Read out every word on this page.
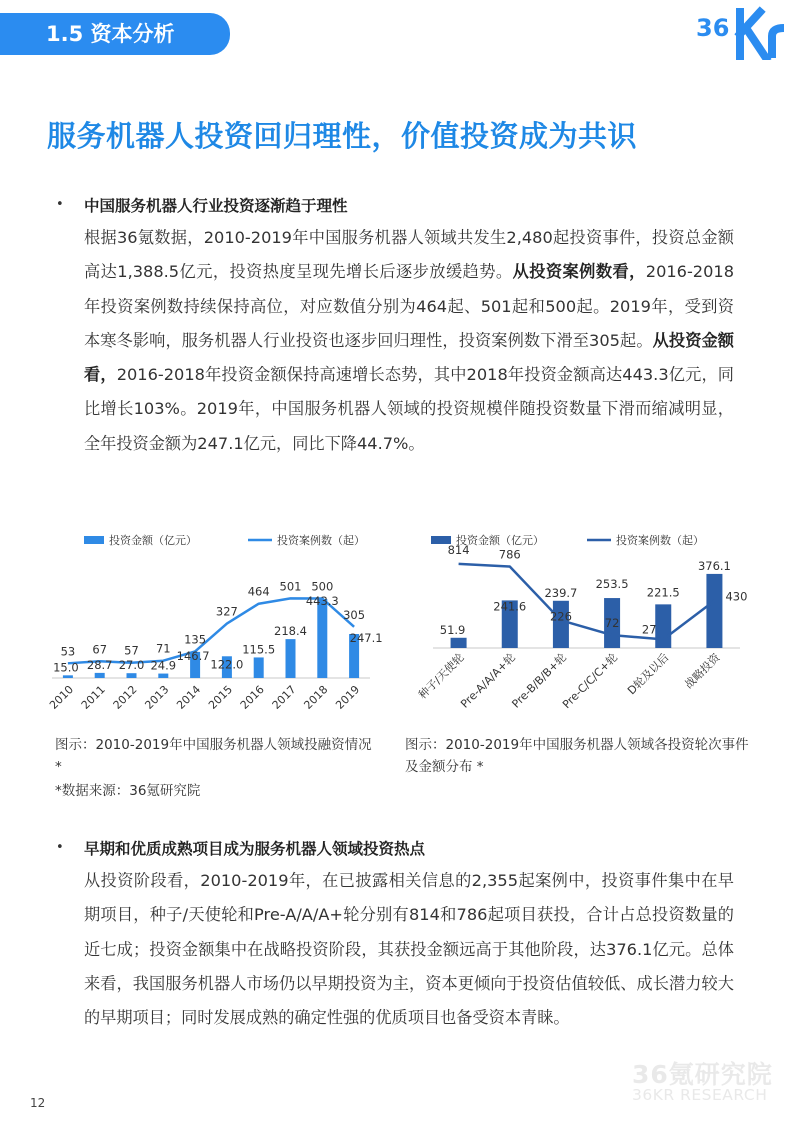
1.5 资本分析	36
服务机器人投资回归理性，价值投资成为共识
• 中国服务机器人行业投资逐渐趋于理性
根据36氪数据，2010-2019年中国服务机器人领域共发生2,480起投资事件，投资总金额高达1,388.5亿元，投资热度呈现先增长后逐步放缓趋势。从投资案例数看，2016-2018年投资案例数持续保持高位，对应数值分别为464起、501起和500起。2019年，受到资本寒冬影响，服务机器人行业投资也逐步回归理性，投资案例数下滑至305起。从投资金额看，2016-2018年投资金额保持高速增长态势，其中2018年投资金额高达443.3亿元，同比增长103%。2019年，中国服务机器人领域的投资规模伴随投资数量下滑而缩减明显，全年投资金额为247.1亿元，同比下降44.7%。
投资金额（亿元）	投资案例数（起）
15.0
53
2010
28.7
67
2011
27.0
57
2012
24.9
71
2013
146.7
135
2014
122.0
327
2015
115.5
464
2016
218.4
501
2017
443.3
500
2018
247.1
305
2019
投资金额（亿元）	投资案例数（起）
51.9
814
种子/天使轮
241.6
786
Pre-A/A/A+轮
239.7
226
Pre-B/B/B+轮
253.5
72
Pre-C/C/C+轮
221.5
27
D轮及以后
376.1
430
战略投资
图示：2010-2019年中国服务机器人领域投融资情况 *
*数据来源：36氪研究院
图示：2010-2019年中国服务机器人领域各投资轮次事件及金额分布 *
• 早期和优质成熟项目成为服务机器人领域投资热点
从投资阶段看，2010-2019年，在已披露相关信息的2,355起案例中，投资事件集中在早期项目，种子/天使轮和Pre-A/A/A+轮分别有814和786起项目获投，合计占总投资数量的近七成；投资金额集中在战略投资阶段，其获投金额远高于其他阶段，达376.1亿元。总体来看，我国服务机器人市场仍以早期投资为主，资本更倾向于投资估值较低、成长潜力较大的早期项目；同时发展成熟的确定性强的优质项目也备受资本青睐。
12
36氪研究院
36KR RESEARCH
